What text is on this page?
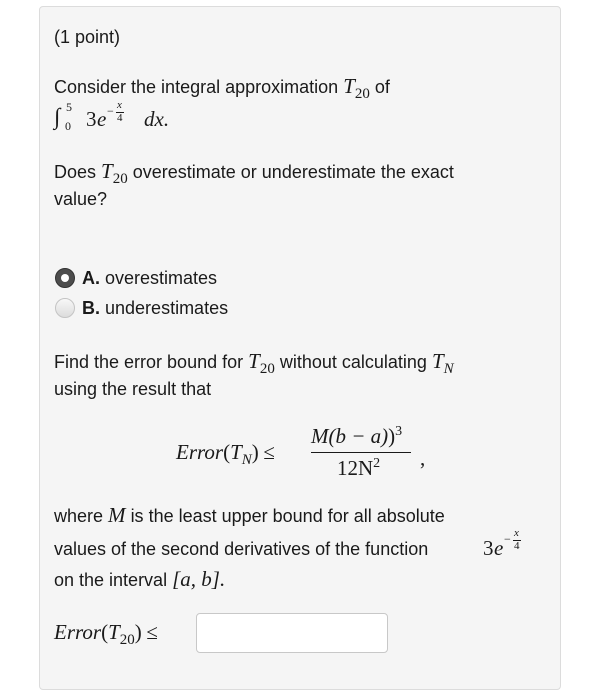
(1 point)
Consider the integral approximation $T_{20}$ of
∫ 5
0 3 e − x
4 dx.
Does $T_{20}$ overestimate or underestimate the exact
value?
A. overestimates
B. underestimates
Find the error bound for $T_{20}$ without calculating $T_N$
using the result that
Error(TN) ≤
M(b − a))3
12N2 ,
where M is the least upper bound for all absolute
values of the second derivatives of the function	3 e − x
4
on the interval [a, b].
Error(T20) ≤
